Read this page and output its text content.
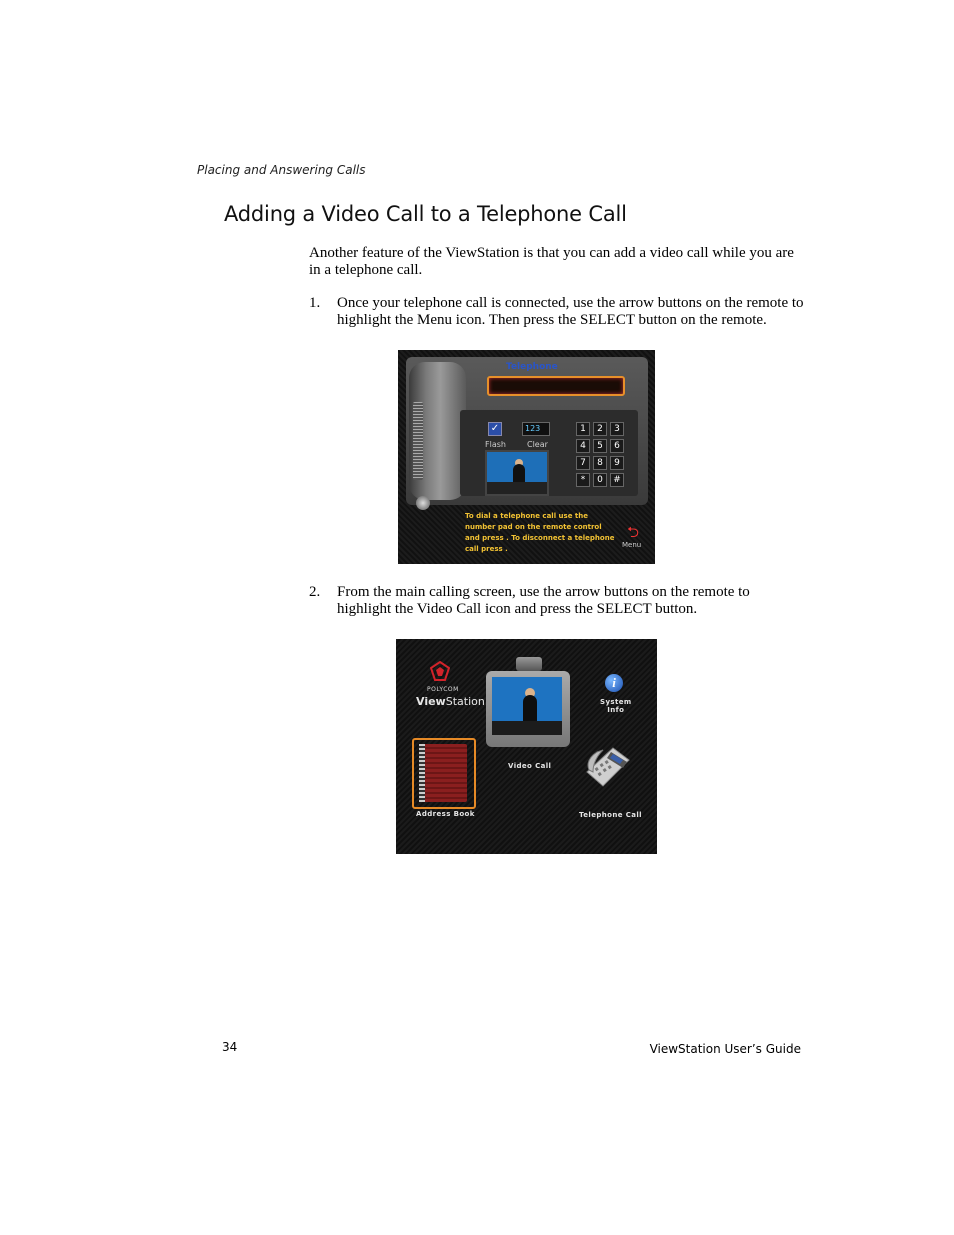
Placing and Answering Calls
Adding a Video Call to a Telephone Call

Another feature of the ViewStation is that you can add a video call while you are in a telephone call.

1. Once your telephone call is connected, use the arrow buttons on the remote to highlight the Menu icon. Then press the SELECT button on the remote.
Telephone
✓
Flash
123
Clear
1	2	3
4	5	6
7	8	9
*	0	#
To dial a telephone call use the number pad on the remote control and press . To disconnect a telephone call press .
⮌
Menu
2. From the main calling screen, use the arrow buttons on the remote to highlight the Video Call icon and press the SELECT button.
POLYCOM
ViewStation
Video Call
i
System
Info
Address Book	Telephone Call
34	ViewStation User’s Guide
